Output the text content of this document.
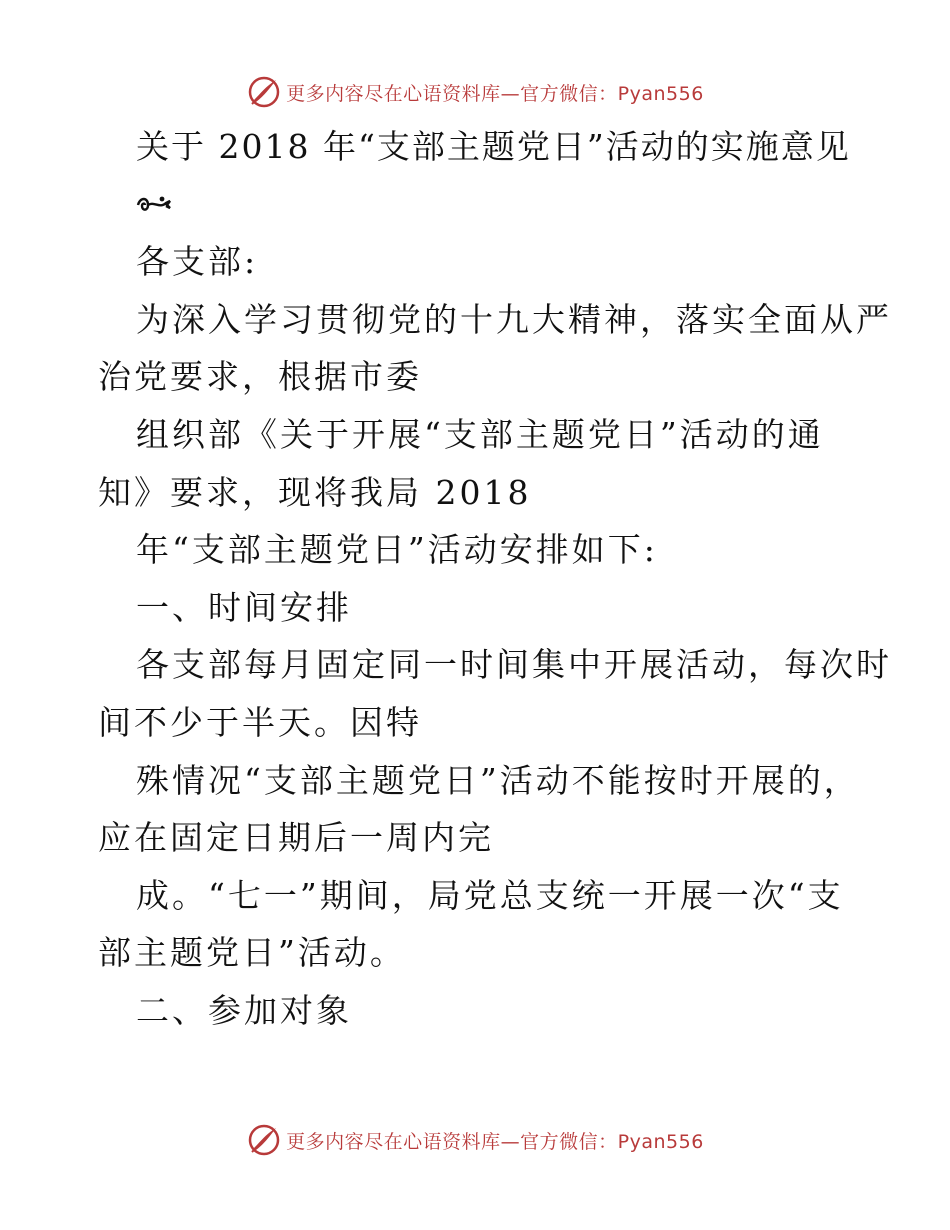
更多内容尽在心语资料库—官方微信：Pyan556
关于 2018 年“支部主题党日”活动的实施意见
各支部:
为深入学习贯彻党的十九大精神，落实全面从严
治党要求，根据市委
组织部《关于开展“支部主题党日”活动的通
知》要求，现将我局 2018
年“支部主题党日”活动安排如下:
一、时间安排
各支部每月固定同一时间集中开展活动，每次时
间不少于半天。因特
殊情况“支部主题党日”活动不能按时开展的，
应在固定日期后一周内完
成。“七一”期间，局党总支统一开展一次“支
部主题党日”活动。
二、参加对象
更多内容尽在心语资料库—官方微信：Pyan556
